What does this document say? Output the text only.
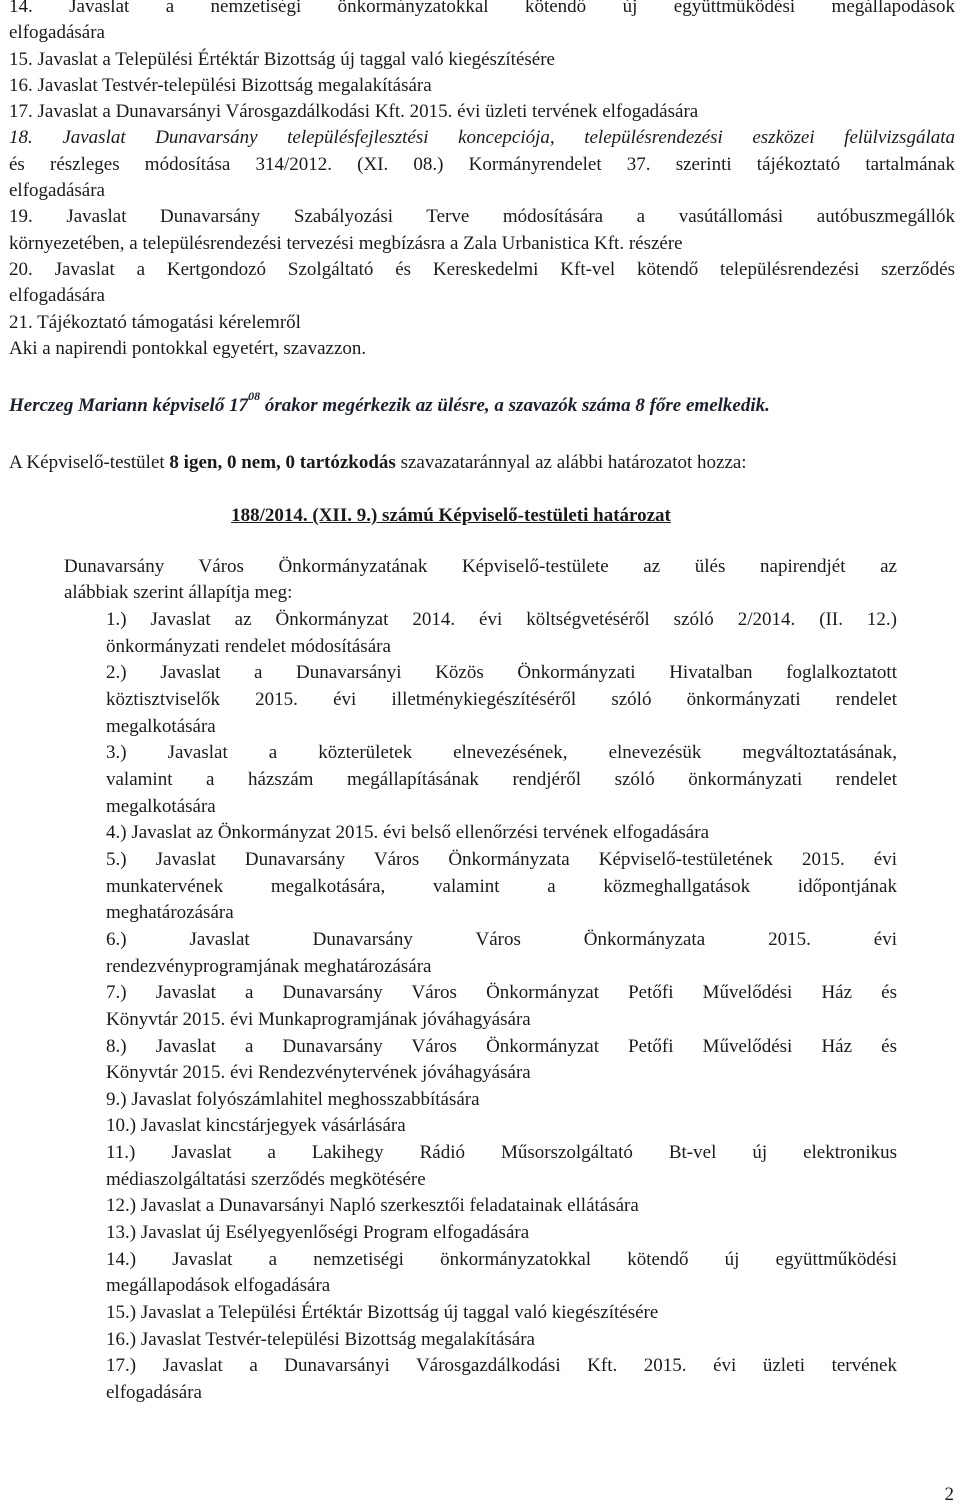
14. Javaslat a nemzetiségi önkormányzatokkal kötendő új együttműködési megállapodások
elfogadására
15. Javaslat a Települési Értéktár Bizottság új taggal való kiegészítésére
16. Javaslat Testvér-települési Bizottság megalakítására
17. Javaslat a Dunavarsányi Városgazdálkodási Kft. 2015. évi üzleti tervének elfogadására
18. Javaslat Dunavarsány településfejlesztési koncepciója, településrendezési eszközei felülvizsgálata
és részleges módosítása 314/2012. (XI. 08.) Kormányrendelet 37. szerinti tájékoztató tartalmának
elfogadására
19. Javaslat Dunavarsány Szabályozási Terve módosítására a vasútállomási autóbuszmegállók
környezetében, a településrendezési tervezési megbízásra a Zala Urbanistica Kft. részére
20. Javaslat a Kertgondozó Szolgáltató és Kereskedelmi Kft-vel kötendő településrendezési szerződés
elfogadására
21. Tájékoztató támogatási kérelemről
Aki a napirendi pontokkal egyetért, szavazzon.
Herczeg Mariann képviselő $17^{08}$ órakor megérkezik az ülésre, a szavazók száma 8 főre emelkedik.
A Képviselő-testület 8 igen, 0 nem, 0 tartózkodás szavazataránnyal az alábbi határozatot hozza:
188/2014. (XII. 9.) számú Képviselő-testületi határozat
Dunavarsány Város Önkormányzatának Képviselő-testülete az ülés napirendjét az
alábbiak szerint állapítja meg:
1.) Javaslat az Önkormányzat 2014. évi költségvetéséről szóló 2/2014. (II. 12.)
önkormányzati rendelet módosítására
2.) Javaslat a Dunavarsányi Közös Önkormányzati Hivatalban foglalkoztatott
köztisztviselők 2015. évi illetménykiegészítéséről szóló önkormányzati rendelet
megalkotására
3.) Javaslat a közterületek elnevezésének, elnevezésük megváltoztatásának,
valamint a házszám megállapításának rendjéről szóló önkormányzati rendelet
megalkotására
4.) Javaslat az Önkormányzat 2015. évi belső ellenőrzési tervének elfogadására
5.) Javaslat Dunavarsány Város Önkormányzata Képviselő-testületének 2015. évi
munkatervének megalkotására, valamint a közmeghallgatások időpontjának
meghatározására
6.) Javaslat Dunavarsány Város Önkormányzata 2015. évi
rendezvényprogramjának meghatározására
7.) Javaslat a Dunavarsány Város Önkormányzat Petőfi Művelődési Ház és
Könyvtár 2015. évi Munkaprogramjának jóváhagyására
8.) Javaslat a Dunavarsány Város Önkormányzat Petőfi Művelődési Ház és
Könyvtár 2015. évi Rendezvénytervének jóváhagyására
9.) Javaslat folyószámlahitel meghosszabbítására
10.) Javaslat kincstárjegyek vásárlására
11.) Javaslat a Lakihegy Rádió Műsorszolgáltató Bt-vel új elektronikus
médiaszolgáltatási szerződés megkötésére
12.) Javaslat a Dunavarsányi Napló szerkesztői feladatainak ellátására
13.) Javaslat új Esélyegyenlőségi Program elfogadására
14.) Javaslat a nemzetiségi önkormányzatokkal kötendő új együttműködési
megállapodások elfogadására
15.) Javaslat a Települési Értéktár Bizottság új taggal való kiegészítésére
16.) Javaslat Testvér-települési Bizottság megalakítására
17.) Javaslat a Dunavarsányi Városgazdálkodási Kft. 2015. évi üzleti tervének
elfogadására
2
